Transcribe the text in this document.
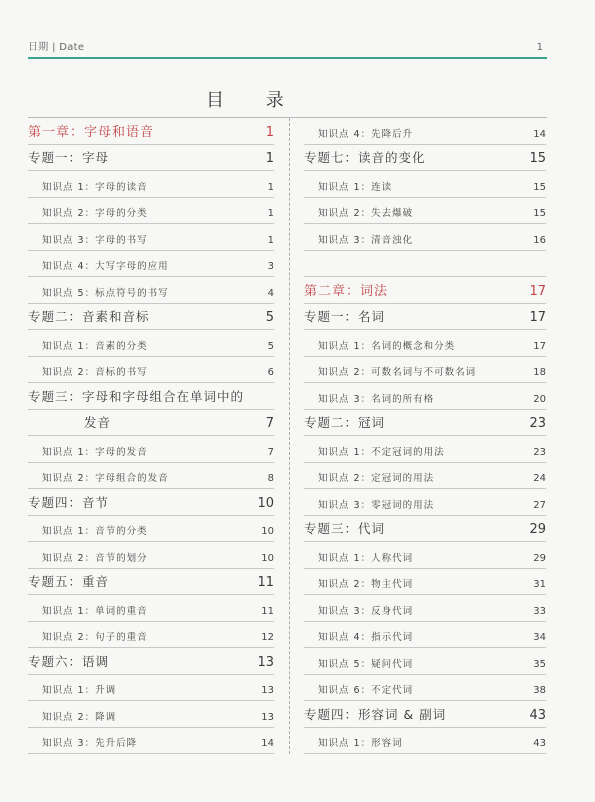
日期 | Date	1
目 录
第一章：字母和语音	1
专题一：字母	1
知识点 1：字母的读音	1
知识点 2：字母的分类	1
知识点 3：字母的书写	1
知识点 4：大写字母的应用	3
知识点 5：标点符号的书写	4
专题二：音素和音标	5
知识点 1：音素的分类	5
知识点 2：音标的书写	6
专题三：字母和字母组合在单词中的
发音	7
知识点 1：字母的发音	7
知识点 2：字母组合的发音	8
专题四：音节	10
知识点 1：音节的分类	10
知识点 2：音节的划分	10
专题五：重音	11
知识点 1：单词的重音	11
知识点 2：句子的重音	12
专题六：语调	13
知识点 1：升调	13
知识点 2：降调	13
知识点 3：先升后降	14
知识点 4：先降后升	14
专题七：读音的变化	15
知识点 1：连读	15
知识点 2：失去爆破	15
知识点 3：清音浊化	16
第二章：词法	17
专题一：名词	17
知识点 1：名词的概念和分类	17
知识点 2：可数名词与不可数名词	18
知识点 3：名词的所有格	20
专题二：冠词	23
知识点 1：不定冠词的用法	23
知识点 2：定冠词的用法	24
知识点 3：零冠词的用法	27
专题三：代词	29
知识点 1：人称代词	29
知识点 2：物主代词	31
知识点 3：反身代词	33
知识点 4：指示代词	34
知识点 5：疑问代词	35
知识点 6：不定代词	38
专题四：形容词 & 副词	43
知识点 1：形容词	43
